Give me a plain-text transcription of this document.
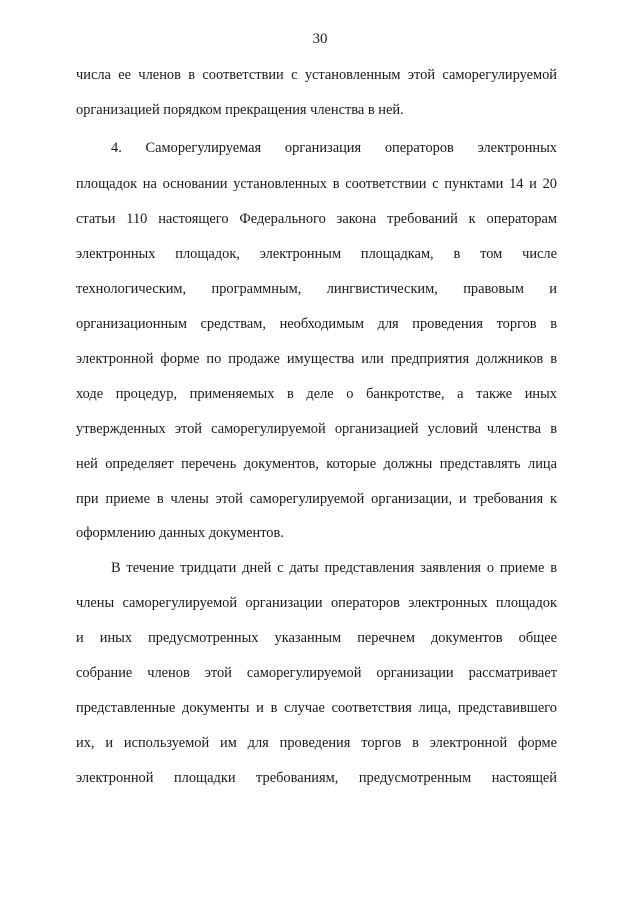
30
числа ее членов в соответствии с установленным этой саморегулируемой
организацией порядком прекращения членства в ней.
4. Саморегулируемая организация операторов электронных
площадок на основании установленных в соответствии с пунктами 14 и 20
статьи 110 настоящего Федерального закона требований к операторам
электронных площадок, электронным площадкам, в том числе
технологическим, программным, лингвистическим, правовым и
организационным средствам, необходимым для проведения торгов в
электронной форме по продаже имущества или предприятия должников в
ходе процедур, применяемых в деле о банкротстве, а также иных
утвержденных этой саморегулируемой организацией условий членства в
ней определяет перечень документов, которые должны представлять лица
при приеме в члены этой саморегулируемой организации, и требования к
оформлению данных документов.
В течение тридцати дней с даты представления заявления о приеме в
члены саморегулируемой организации операторов электронных площадок
и иных предусмотренных указанным перечнем документов общее
собрание членов этой саморегулируемой организации рассматривает
представленные документы и в случае соответствия лица, представившего
их, и используемой им для проведения торгов в электронной форме
электронной площадки требованиям, предусмотренным настоящей
